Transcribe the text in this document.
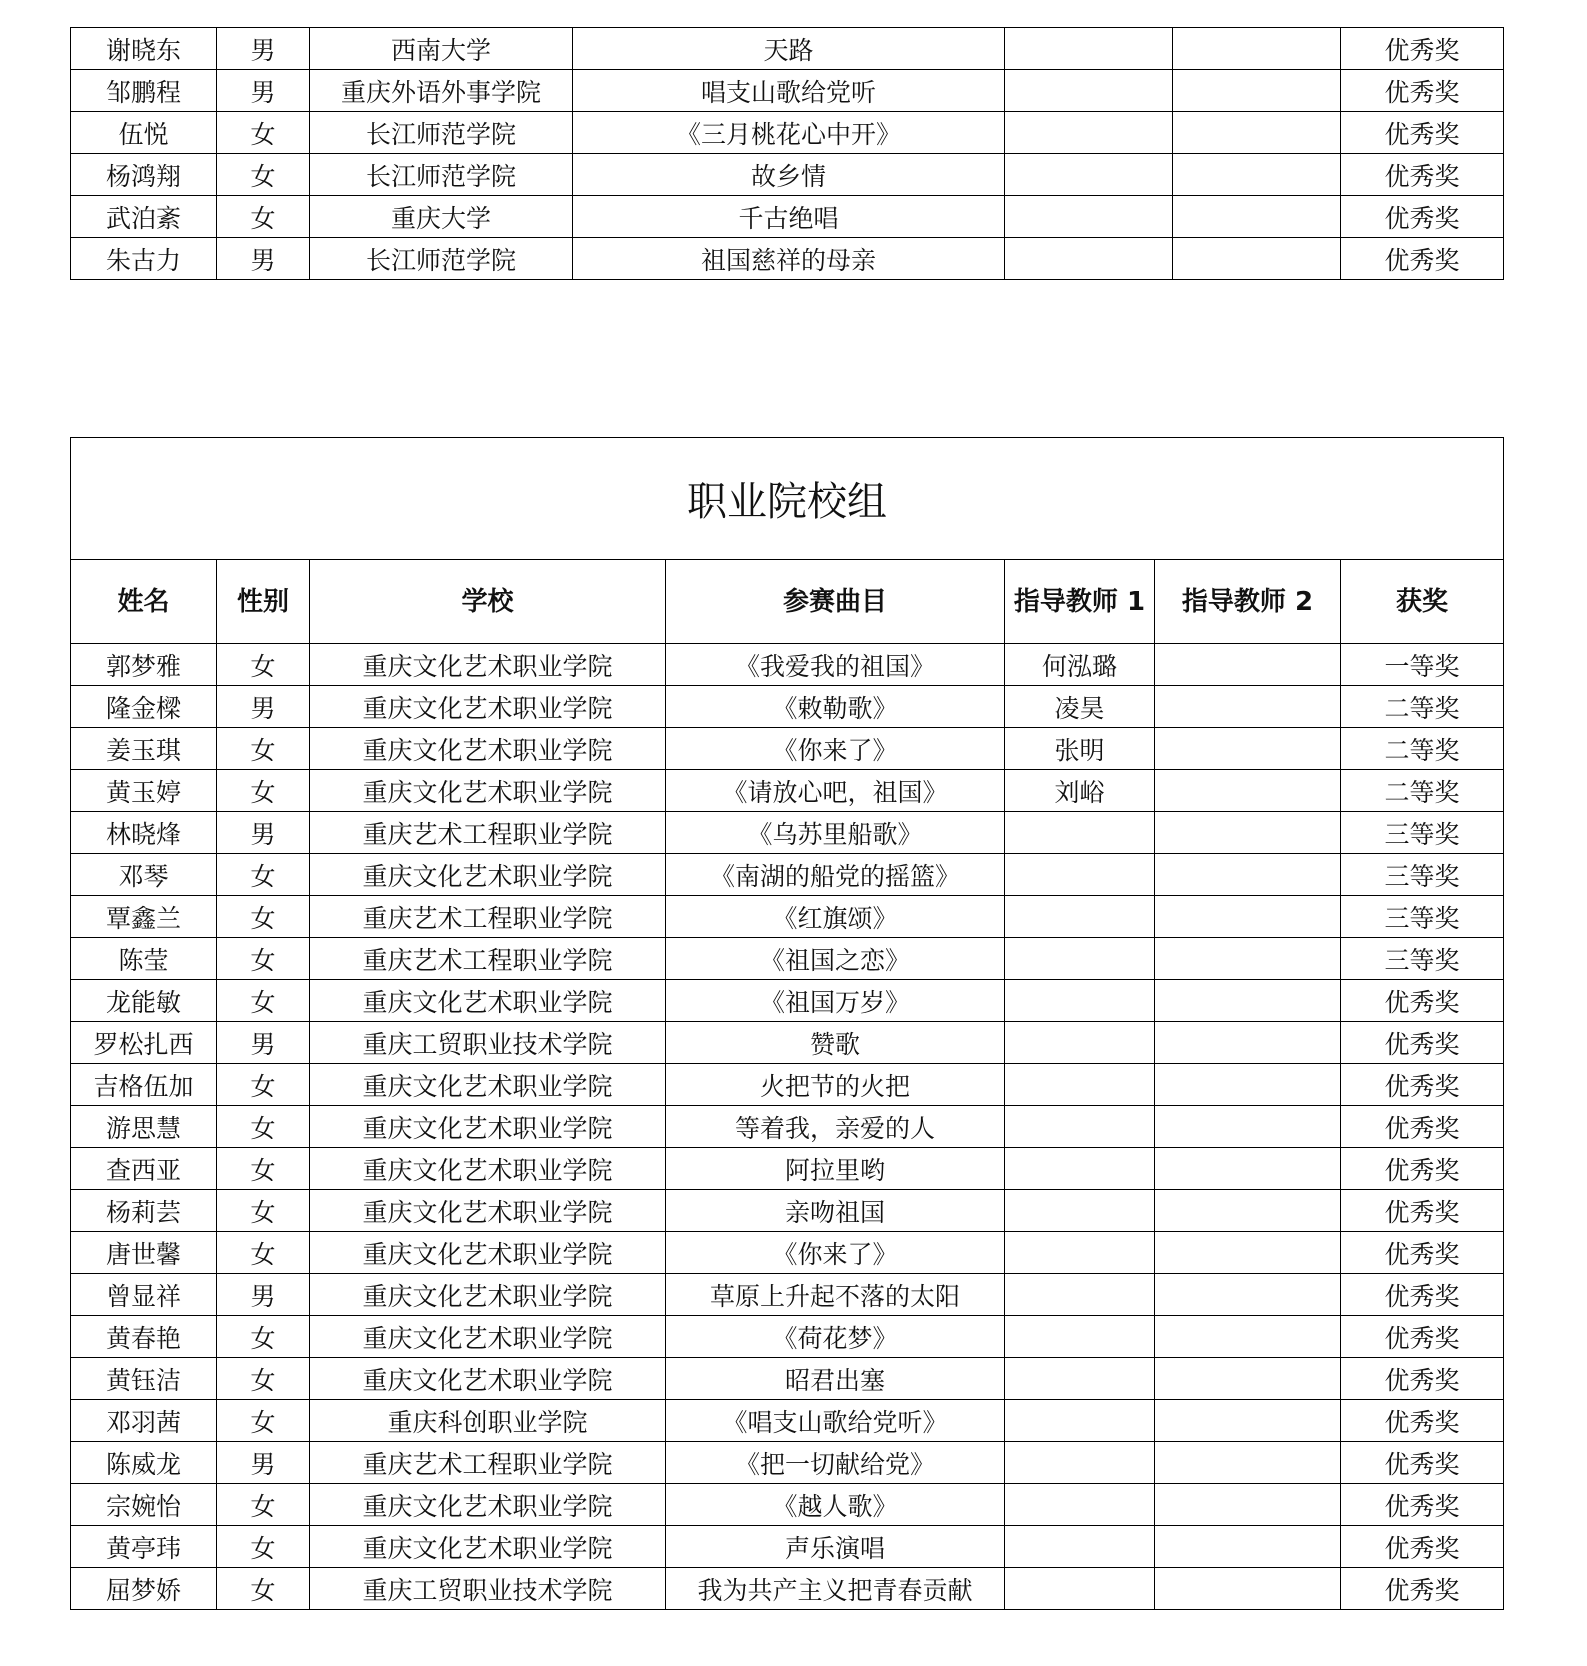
谢晓东	男	西南大学	天路			优秀奖
邹鹏程	男	重庆外语外事学院	唱支山歌给党听			优秀奖
伍悦	女	长江师范学院	《三月桃花心中开》			优秀奖
杨鸿翔	女	长江师范学院	故乡情			优秀奖
武泊紊	女	重庆大学	千古绝唱			优秀奖
朱古力	男	长江师范学院	祖国慈祥的母亲			优秀奖
职业院校组						
姓名	性别	学校	参赛曲目	指导教师 1	指导教师 2	获奖
郭梦雅	女	重庆文化艺术职业学院	《我爱我的祖国》	何泓璐		一等奖
隆金樑	男	重庆文化艺术职业学院	《敕勒歌》	凌昊		二等奖
姜玉琪	女	重庆文化艺术职业学院	《你来了》	张明		二等奖
黄玉婷	女	重庆文化艺术职业学院	《请放心吧，祖国》	刘峪		二等奖
林晓烽	男	重庆艺术工程职业学院	《乌苏里船歌》			三等奖
邓琴	女	重庆文化艺术职业学院	《南湖的船党的摇篮》			三等奖
覃鑫兰	女	重庆艺术工程职业学院	《红旗颂》			三等奖
陈莹	女	重庆艺术工程职业学院	《祖国之恋》			三等奖
龙能敏	女	重庆文化艺术职业学院	《祖国万岁》			优秀奖
罗松扎西	男	重庆工贸职业技术学院	赞歌			优秀奖
吉格伍加	女	重庆文化艺术职业学院	火把节的火把			优秀奖
游思慧	女	重庆文化艺术职业学院	等着我，亲爱的人			优秀奖
查西亚	女	重庆文化艺术职业学院	阿拉里哟			优秀奖
杨莉芸	女	重庆文化艺术职业学院	亲吻祖国			优秀奖
唐世馨	女	重庆文化艺术职业学院	《你来了》			优秀奖
曾显祥	男	重庆文化艺术职业学院	草原上升起不落的太阳			优秀奖
黄春艳	女	重庆文化艺术职业学院	《荷花梦》			优秀奖
黄钰洁	女	重庆文化艺术职业学院	昭君出塞			优秀奖
邓羽茜	女	重庆科创职业学院	《唱支山歌给党听》			优秀奖
陈威龙	男	重庆艺术工程职业学院	《把一切献给党》			优秀奖
宗婉怡	女	重庆文化艺术职业学院	《越人歌》			优秀奖
黄亭玮	女	重庆文化艺术职业学院	声乐演唱			优秀奖
屈梦娇	女	重庆工贸职业技术学院	我为共产主义把青春贡献			优秀奖
